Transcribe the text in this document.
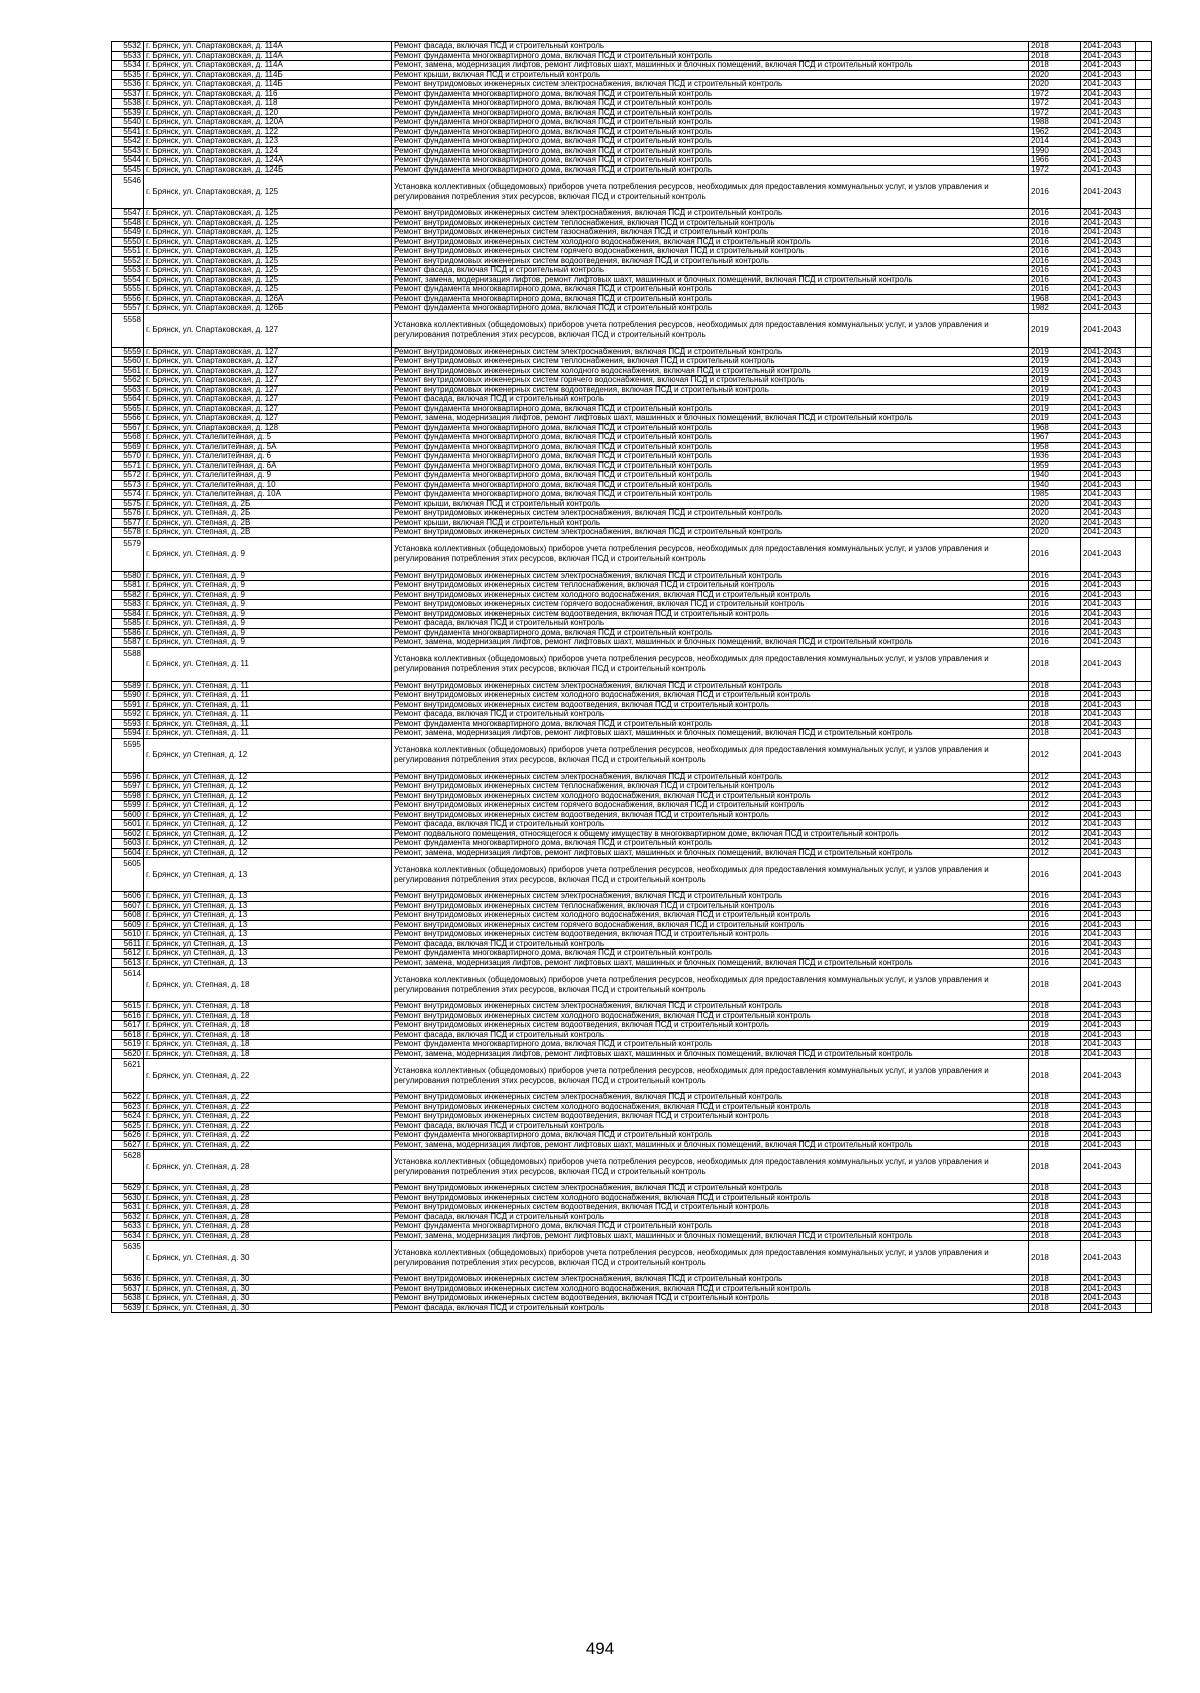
5532	г. Брянск, ул. Спартаковская, д. 114А	Ремонт фасада, включая ПСД и строительный контроль	2018	2041-2043	
5533	г. Брянск, ул. Спартаковская, д. 114А	Ремонт фундамента многоквартирного дома, включая ПСД и строительный контроль	2018	2041-2043	
5534	г. Брянск, ул. Спартаковская, д. 114А	Ремонт, замена, модернизация лифтов, ремонт лифтовых шахт, машинных и блочных помещений, включая ПСД и строительный контроль	2018	2041-2043	
5535	г. Брянск, ул. Спартаковская, д. 114Б	Ремонт крыши, включая ПСД и строительный контроль	2020	2041-2043	
5536	г. Брянск, ул. Спартаковская, д. 114Б	Ремонт внутридомовых инженерных систем электроснабжения, включая ПСД и строительный контроль	2020	2041-2043	
5537	г. Брянск, ул. Спартаковская, д. 116	Ремонт фундамента многоквартирного дома, включая ПСД и строительный контроль	1972	2041-2043	
5538	г. Брянск, ул. Спартаковская, д. 118	Ремонт фундамента многоквартирного дома, включая ПСД и строительный контроль	1972	2041-2043	
5539	г. Брянск, ул. Спартаковская, д. 120	Ремонт фундамента многоквартирного дома, включая ПСД и строительный контроль	1972	2041-2043	
5540	г. Брянск, ул. Спартаковская, д. 120А	Ремонт фундамента многоквартирного дома, включая ПСД и строительный контроль	1988	2041-2043	
5541	г. Брянск, ул. Спартаковская, д. 122	Ремонт фундамента многоквартирного дома, включая ПСД и строительный контроль	1962	2041-2043	
5542	г. Брянск, ул. Спартаковская, д. 123	Ремонт фундамента многоквартирного дома, включая ПСД и строительный контроль	2014	2041-2043	
5543	г. Брянск, ул. Спартаковская, д. 124	Ремонт фундамента многоквартирного дома, включая ПСД и строительный контроль	1990	2041-2043	
5544	г. Брянск, ул. Спартаковская, д. 124А	Ремонт фундамента многоквартирного дома, включая ПСД и строительный контроль	1966	2041-2043	
5545	г. Брянск, ул. Спартаковская, д. 124Б	Ремонт фундамента многоквартирного дома, включая ПСД и строительный контроль	1972	2041-2043	
5546	г. Брянск, ул. Спартаковская, д. 125	Установка коллективных (общедомовых) приборов учета потребления ресурсов, необходимых для предоставления коммунальных услуг, и узлов управления и регулирования потребления этих ресурсов, включая ПСД и строительный контроль	2016	2041-2043	
5547	г. Брянск, ул. Спартаковская, д. 125	Ремонт внутридомовых инженерных систем электроснабжения, включая ПСД и строительный контроль	2016	2041-2043	
5548	г. Брянск, ул. Спартаковская, д. 125	Ремонт внутридомовых инженерных систем теплоснабжения, включая ПСД и строительный контроль	2016	2041-2043	
5549	г. Брянск, ул. Спартаковская, д. 125	Ремонт внутридомовых инженерных систем газоснабжения, включая ПСД и строительный контроль	2016	2041-2043	
5550	г. Брянск, ул. Спартаковская, д. 125	Ремонт внутридомовых инженерных систем холодного водоснабжения, включая ПСД и строительный контроль	2016	2041-2043	
5551	г. Брянск, ул. Спартаковская, д. 125	Ремонт внутридомовых инженерных систем горячего водоснабжения, включая ПСД и строительный контроль	2016	2041-2043	
5552	г. Брянск, ул. Спартаковская, д. 125	Ремонт внутридомовых инженерных систем водоотведения, включая ПСД и строительный контроль	2016	2041-2043	
5553	г. Брянск, ул. Спартаковская, д. 125	Ремонт фасада, включая ПСД и строительный контроль	2016	2041-2043	
5554	г. Брянск, ул. Спартаковская, д. 125	Ремонт, замена, модернизация лифтов, ремонт лифтовых шахт, машинных и блочных помещений, включая ПСД и строительный контроль	2016	2041-2043	
5555	г. Брянск, ул. Спартаковская, д. 125	Ремонт фундамента многоквартирного дома, включая ПСД и строительный контроль	2016	2041-2043	
5556	г. Брянск, ул. Спартаковская, д. 126А	Ремонт фундамента многоквартирного дома, включая ПСД и строительный контроль	1968	2041-2043	
5557	г. Брянск, ул. Спартаковская, д. 126Б	Ремонт фундамента многоквартирного дома, включая ПСД и строительный контроль	1982	2041-2043	
5558	г. Брянск, ул. Спартаковская, д. 127	Установка коллективных (общедомовых) приборов учета потребления ресурсов, необходимых для предоставления коммунальных услуг, и узлов управления и регулирования потребления этих ресурсов, включая ПСД и строительный контроль	2019	2041-2043	
5559	г. Брянск, ул. Спартаковская, д. 127	Ремонт внутридомовых инженерных систем электроснабжения, включая ПСД и строительный контроль	2019	2041-2043	
5560	г. Брянск, ул. Спартаковская, д. 127	Ремонт внутридомовых инженерных систем теплоснабжения, включая ПСД и строительный контроль	2019	2041-2043	
5561	г. Брянск, ул. Спартаковская, д. 127	Ремонт внутридомовых инженерных систем холодного водоснабжения, включая ПСД и строительный контроль	2019	2041-2043	
5562	г. Брянск, ул. Спартаковская, д. 127	Ремонт внутридомовых инженерных систем горячего водоснабжения, включая ПСД и строительный контроль	2019	2041-2043	
5563	г. Брянск, ул. Спартаковская, д. 127	Ремонт внутридомовых инженерных систем водоотведения, включая ПСД и строительный контроль	2019	2041-2043	
5564	г. Брянск, ул. Спартаковская, д. 127	Ремонт фасада, включая ПСД и строительный контроль	2019	2041-2043	
5565	г. Брянск, ул. Спартаковская, д. 127	Ремонт фундамента многоквартирного дома, включая ПСД и строительный контроль	2019	2041-2043	
5566	г. Брянск, ул. Спартаковская, д. 127	Ремонт, замена, модернизация лифтов, ремонт лифтовых шахт, машинных и блочных помещений, включая ПСД и строительный контроль	2019	2041-2043	
5567	г. Брянск, ул. Спартаковская, д. 128	Ремонт фундамента многоквартирного дома, включая ПСД и строительный контроль	1968	2041-2043	
5568	г. Брянск, ул. Сталелитейная, д. 5	Ремонт фундамента многоквартирного дома, включая ПСД и строительный контроль	1967	2041-2043	
5569	г. Брянск, ул. Сталелитейная, д. 5А	Ремонт фундамента многоквартирного дома, включая ПСД и строительный контроль	1958	2041-2043	
5570	г. Брянск, ул. Сталелитейная, д. 6	Ремонт фундамента многоквартирного дома, включая ПСД и строительный контроль	1936	2041-2043	
5571	г. Брянск, ул. Сталелитейная, д. 6А	Ремонт фундамента многоквартирного дома, включая ПСД и строительный контроль	1959	2041-2043	
5572	г. Брянск, ул. Сталелитейная, д. 9	Ремонт фундамента многоквартирного дома, включая ПСД и строительный контроль	1940	2041-2043	
5573	г. Брянск, ул. Сталелитейная, д. 10	Ремонт фундамента многоквартирного дома, включая ПСД и строительный контроль	1940	2041-2043	
5574	г. Брянск, ул. Сталелитейная, д. 10А	Ремонт фундамента многоквартирного дома, включая ПСД и строительный контроль	1985	2041-2043	
5575	г. Брянск, ул. Степная, д. 2Б	Ремонт крыши, включая ПСД и строительный контроль	2020	2041-2043	
5576	г. Брянск, ул. Степная, д. 2Б	Ремонт внутридомовых инженерных систем электроснабжения, включая ПСД и строительный контроль	2020	2041-2043	
5577	г. Брянск, ул. Степная, д. 2В	Ремонт крыши, включая ПСД и строительный контроль	2020	2041-2043	
5578	г. Брянск, ул. Степная, д. 2В	Ремонт внутридомовых инженерных систем электроснабжения, включая ПСД и строительный контроль	2020	2041-2043	
5579	г. Брянск, ул. Степная, д. 9	Установка коллективных (общедомовых) приборов учета потребления ресурсов, необходимых для предоставления коммунальных услуг, и узлов управления и регулирования потребления этих ресурсов, включая ПСД и строительный контроль	2016	2041-2043	
5580	г. Брянск, ул. Степная, д. 9	Ремонт внутридомовых инженерных систем электроснабжения, включая ПСД и строительный контроль	2016	2041-2043	
5581	г. Брянск, ул. Степная, д. 9	Ремонт внутридомовых инженерных систем теплоснабжения, включая ПСД и строительный контроль	2016	2041-2043	
5582	г. Брянск, ул. Степная, д. 9	Ремонт внутридомовых инженерных систем холодного водоснабжения, включая ПСД и строительный контроль	2016	2041-2043	
5583	г. Брянск, ул. Степная, д. 9	Ремонт внутридомовых инженерных систем горячего водоснабжения, включая ПСД и строительный контроль	2016	2041-2043	
5584	г. Брянск, ул. Степная, д. 9	Ремонт внутридомовых инженерных систем водоотведения, включая ПСД и строительный контроль	2016	2041-2043	
5585	г. Брянск, ул. Степная, д. 9	Ремонт фасада, включая ПСД и строительный контроль	2016	2041-2043	
5586	г. Брянск, ул. Степная, д. 9	Ремонт фундамента многоквартирного дома, включая ПСД и строительный контроль	2016	2041-2043	
5587	г. Брянск, ул. Степная, д. 9	Ремонт, замена, модернизация лифтов, ремонт лифтовых шахт, машинных и блочных помещений, включая ПСД и строительный контроль	2016	2041-2043	
5588	г. Брянск, ул. Степная, д. 11	Установка коллективных (общедомовых) приборов учета потребления ресурсов, необходимых для предоставления коммунальных услуг, и узлов управления и регулирования потребления этих ресурсов, включая ПСД и строительный контроль	2018	2041-2043	
5589	г. Брянск, ул. Степная, д. 11	Ремонт внутридомовых инженерных систем электроснабжения, включая ПСД и строительный контроль	2018	2041-2043	
5590	г. Брянск, ул. Степная, д. 11	Ремонт внутридомовых инженерных систем холодного водоснабжения, включая ПСД и строительный контроль	2018	2041-2043	
5591	г. Брянск, ул. Степная, д. 11	Ремонт внутридомовых инженерных систем водоотведения, включая ПСД и строительный контроль	2018	2041-2043	
5592	г. Брянск, ул. Степная, д. 11	Ремонт фасада, включая ПСД и строительный контроль	2018	2041-2043	
5593	г. Брянск, ул. Степная, д. 11	Ремонт фундамента многоквартирного дома, включая ПСД и строительный контроль	2018	2041-2043	
5594	г. Брянск, ул. Степная, д. 11	Ремонт, замена, модернизация лифтов, ремонт лифтовых шахт, машинных и блочных помещений, включая ПСД и строительный контроль	2018	2041-2043	
5595	г. Брянск, ул Степная, д. 12	Установка коллективных (общедомовых) приборов учета потребления ресурсов, необходимых для предоставления коммунальных услуг, и узлов управления и регулирования потребления этих ресурсов, включая ПСД и строительный контроль	2012	2041-2043	
5596	г. Брянск, ул Степная, д. 12	Ремонт внутридомовых инженерных систем электроснабжения, включая ПСД и строительный контроль	2012	2041-2043	
5597	г. Брянск, ул Степная, д. 12	Ремонт внутридомовых инженерных систем теплоснабжения, включая ПСД и строительный контроль	2012	2041-2043	
5598	г. Брянск, ул Степная, д. 12	Ремонт внутридомовых инженерных систем холодного водоснабжения, включая ПСД и строительный контроль	2012	2041-2043	
5599	г. Брянск, ул Степная, д. 12	Ремонт внутридомовых инженерных систем горячего водоснабжения, включая ПСД и строительный контроль	2012	2041-2043	
5600	г. Брянск, ул Степная, д. 12	Ремонт внутридомовых инженерных систем водоотведения, включая ПСД и строительный контроль	2012	2041-2043	
5601	г. Брянск, ул Степная, д. 12	Ремонт фасада, включая ПСД и строительный контроль	2012	2041-2043	
5602	г. Брянск, ул Степная, д. 12	Ремонт подвального помещения, относящегося к общему имуществу в многоквартирном доме, включая ПСД и строительный контроль	2012	2041-2043	
5603	г. Брянск, ул Степная, д. 12	Ремонт фундамента многоквартирного дома, включая ПСД и строительный контроль	2012	2041-2043	
5604	г. Брянск, ул Степная, д. 12	Ремонт, замена, модернизация лифтов, ремонт лифтовых шахт, машинных и блочных помещений, включая ПСД и строительный контроль	2012	2041-2043	
5605	г. Брянск, ул Степная, д. 13	Установка коллективных (общедомовых) приборов учета потребления ресурсов, необходимых для предоставления коммунальных услуг, и узлов управления и регулирования потребления этих ресурсов, включая ПСД и строительный контроль	2016	2041-2043	
5606	г. Брянск, ул Степная, д. 13	Ремонт внутридомовых инженерных систем электроснабжения, включая ПСД и строительный контроль	2016	2041-2043	
5607	г. Брянск, ул Степная, д. 13	Ремонт внутридомовых инженерных систем теплоснабжения, включая ПСД и строительный контроль	2016	2041-2043	
5608	г. Брянск, ул Степная, д. 13	Ремонт внутридомовых инженерных систем холодного водоснабжения, включая ПСД и строительный контроль	2016	2041-2043	
5609	г. Брянск, ул Степная, д. 13	Ремонт внутридомовых инженерных систем горячего водоснабжения, включая ПСД и строительный контроль	2016	2041-2043	
5610	г. Брянск, ул Степная, д. 13	Ремонт внутридомовых инженерных систем водоотведения, включая ПСД и строительный контроль	2016	2041-2043	
5611	г. Брянск, ул Степная, д. 13	Ремонт фасада, включая ПСД и строительный контроль	2016	2041-2043	
5612	г. Брянск, ул Степная, д. 13	Ремонт фундамента многоквартирного дома, включая ПСД и строительный контроль	2016	2041-2043	
5613	г. Брянск, ул Степная, д. 13	Ремонт, замена, модернизация лифтов, ремонт лифтовых шахт, машинных и блочных помещений, включая ПСД и строительный контроль	2016	2041-2043	
5614	г. Брянск, ул. Степная, д. 18	Установка коллективных (общедомовых) приборов учета потребления ресурсов, необходимых для предоставления коммунальных услуг, и узлов управления и регулирования потребления этих ресурсов, включая ПСД и строительный контроль	2018	2041-2043	
5615	г. Брянск, ул. Степная, д. 18	Ремонт внутридомовых инженерных систем электроснабжения, включая ПСД и строительный контроль	2018	2041-2043	
5616	г. Брянск, ул. Степная, д. 18	Ремонт внутридомовых инженерных систем холодного водоснабжения, включая ПСД и строительный контроль	2018	2041-2043	
5617	г. Брянск, ул. Степная, д. 18	Ремонт внутридомовых инженерных систем водоотведения, включая ПСД и строительный контроль	2019	2041-2043	
5618	г. Брянск, ул. Степная, д. 18	Ремонт фасада, включая ПСД и строительный контроль	2018	2041-2043	
5619	г. Брянск, ул. Степная, д. 18	Ремонт фундамента многоквартирного дома, включая ПСД и строительный контроль	2018	2041-2043	
5620	г. Брянск, ул. Степная, д. 18	Ремонт, замена, модернизация лифтов, ремонт лифтовых шахт, машинных и блочных помещений, включая ПСД и строительный контроль	2018	2041-2043	
5621	г. Брянск, ул. Степная, д. 22	Установка коллективных (общедомовых) приборов учета потребления ресурсов, необходимых для предоставления коммунальных услуг, и узлов управления и регулирования потребления этих ресурсов, включая ПСД и строительный контроль	2018	2041-2043	
5622	г. Брянск, ул. Степная, д. 22	Ремонт внутридомовых инженерных систем электроснабжения, включая ПСД и строительный контроль	2018	2041-2043	
5623	г. Брянск, ул. Степная, д. 22	Ремонт внутридомовых инженерных систем холодного водоснабжения, включая ПСД и строительный контроль	2018	2041-2043	
5624	г. Брянск, ул. Степная, д. 22	Ремонт внутридомовых инженерных систем водоотведения, включая ПСД и строительный контроль	2018	2041-2043	
5625	г. Брянск, ул. Степная, д. 22	Ремонт фасада, включая ПСД и строительный контроль	2018	2041-2043	
5626	г. Брянск, ул. Степная, д. 22	Ремонт фундамента многоквартирного дома, включая ПСД и строительный контроль	2018	2041-2043	
5627	г. Брянск, ул. Степная, д. 22	Ремонт, замена, модернизация лифтов, ремонт лифтовых шахт, машинных и блочных помещений, включая ПСД и строительный контроль	2018	2041-2043	
5628	г. Брянск, ул. Степная, д. 28	Установка коллективных (общедомовых) приборов учета потребления ресурсов, необходимых для предоставления коммунальных услуг, и узлов управления и регулирования потребления этих ресурсов, включая ПСД и строительный контроль	2018	2041-2043	
5629	г. Брянск, ул. Степная, д. 28	Ремонт внутридомовых инженерных систем электроснабжения, включая ПСД и строительный контроль	2018	2041-2043	
5630	г. Брянск, ул. Степная, д. 28	Ремонт внутридомовых инженерных систем холодного водоснабжения, включая ПСД и строительный контроль	2018	2041-2043	
5631	г. Брянск, ул. Степная, д. 28	Ремонт внутридомовых инженерных систем водоотведения, включая ПСД и строительный контроль	2018	2041-2043	
5632	г. Брянск, ул. Степная, д. 28	Ремонт фасада, включая ПСД и строительный контроль	2018	2041-2043	
5633	г. Брянск, ул. Степная, д. 28	Ремонт фундамента многоквартирного дома, включая ПСД и строительный контроль	2018	2041-2043	
5634	г. Брянск, ул. Степная, д. 28	Ремонт, замена, модернизация лифтов, ремонт лифтовых шахт, машинных и блочных помещений, включая ПСД и строительный контроль	2018	2041-2043	
5635	г. Брянск, ул. Степная, д. 30	Установка коллективных (общедомовых) приборов учета потребления ресурсов, необходимых для предоставления коммунальных услуг, и узлов управления и регулирования потребления этих ресурсов, включая ПСД и строительный контроль	2018	2041-2043	
5636	г. Брянск, ул. Степная, д. 30	Ремонт внутридомовых инженерных систем электроснабжения, включая ПСД и строительный контроль	2018	2041-2043	
5637	г. Брянск, ул. Степная, д. 30	Ремонт внутридомовых инженерных систем холодного водоснабжения, включая ПСД и строительный контроль	2018	2041-2043	
5638	г. Брянск, ул. Степная, д. 30	Ремонт внутридомовых инженерных систем водоотведения, включая ПСД и строительный контроль	2018	2041-2043	
5639	г. Брянск, ул. Степная, д. 30	Ремонт фасада, включая ПСД и строительный контроль	2018	2041-2043	
494
